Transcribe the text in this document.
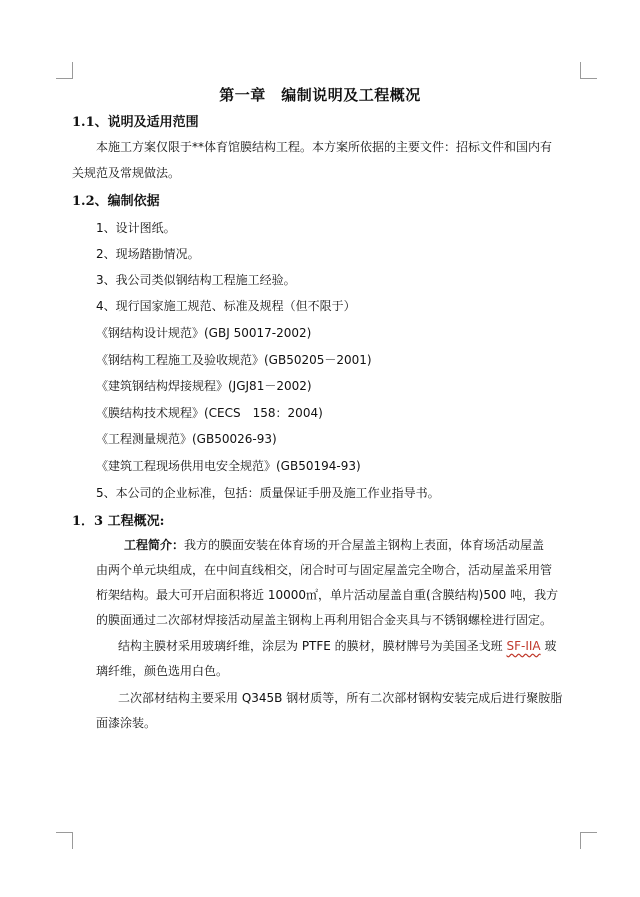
第一章　编制说明及工程概况
1.1、说明及适用范围
本施工方案仅限于**体育馆膜结构工程。本方案所依据的主要文件：招标文件和国内有
关规范及常规做法。
1.2、编制依据
1、设计图纸。
2、现场踏勘情况。
3、我公司类似钢结构工程施工经验。
4、现行国家施工规范、标准及规程（但不限于）
《钢结构设计规范》(GBJ 50017-2002)
《钢结构工程施工及验收规范》(GB50205－2001)
《建筑钢结构焊接规程》(JGJ81－2002)
《膜结构技术规程》(CECS　158：2004)
《工程测量规范》(GB50026-93)
《建筑工程现场供用电安全规范》(GB50194-93)
5、本公司的企业标准，包括：质量保证手册及施工作业指导书。
1．3 工程概况:
工程简介：我方的膜面安装在体育场的开合屋盖主钢构上表面，体育场活动屋盖
由两个单元块组成，在中间直线相交，闭合时可与固定屋盖完全吻合，活动屋盖采用管
桁架结构。最大可开启面积将近 10000㎡，单片活动屋盖自重(含膜结构)500 吨，我方
的膜面通过二次部材焊接活动屋盖主钢构上再利用铝合金夹具与不锈钢螺栓进行固定。
结构主膜材采用玻璃纤维，涂层为 PTFE 的膜材，膜材牌号为美国圣戈班 SF-IIA 玻
璃纤维，颜色选用白色。
二次部材结构主要采用 Q345B 钢材质等，所有二次部材钢构安装完成后进行聚胺脂
面漆涂装。
